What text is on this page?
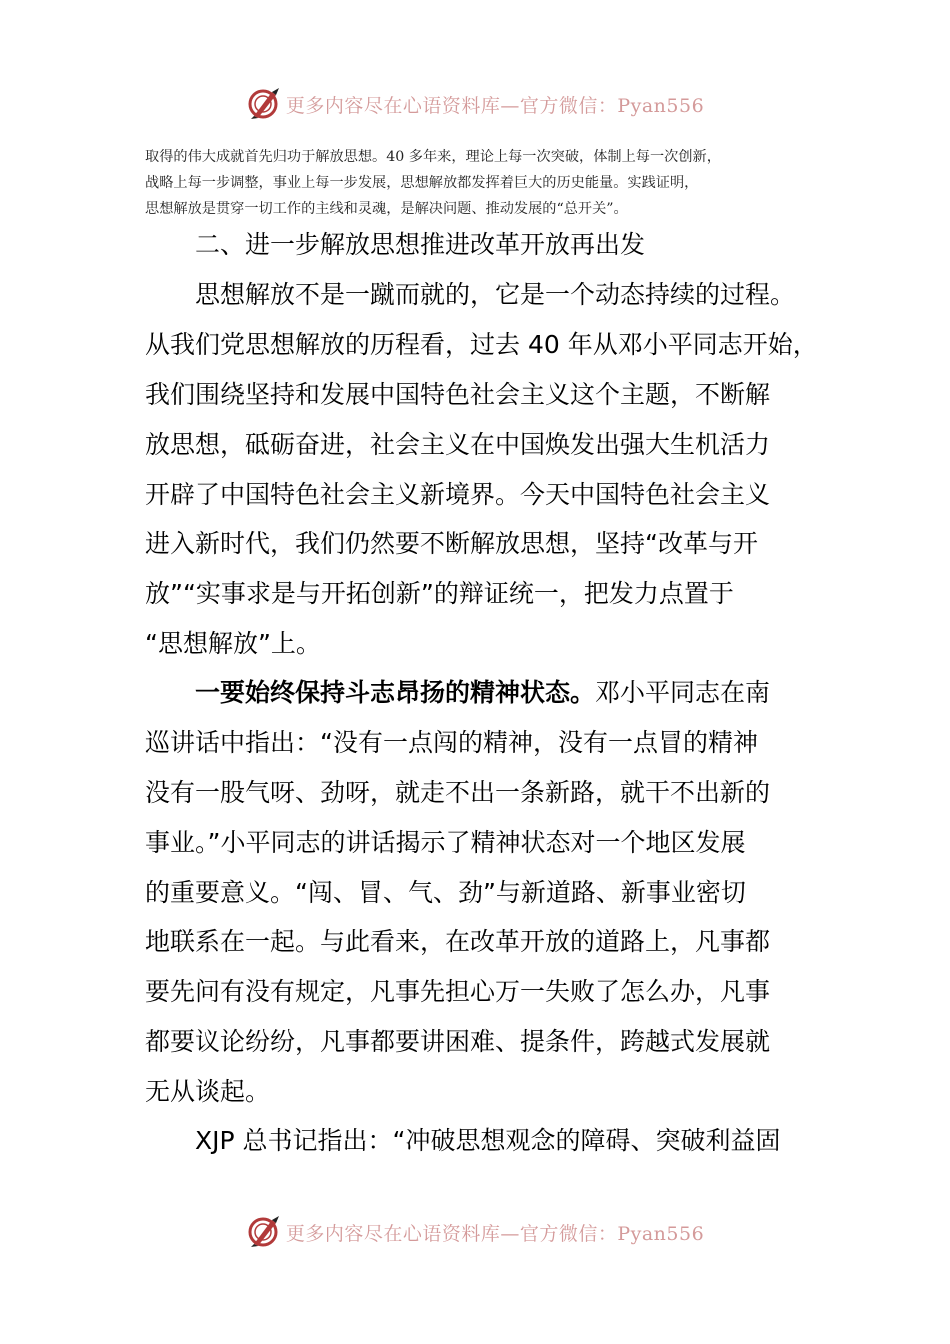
更多内容尽在心语资料库—官方微信：Pyan556

取得的伟大成就首先归功于解放思想。40 多年来，理论上每一次突破，体制上每一次创新，
战略上每一步调整，事业上每一步发展，思想解放都发挥着巨大的历史能量。实践证明，
思想解放是贯穿一切工作的主线和灵魂，是解决问题、推动发展的“总开关”。

二、进一步解放思想推进改革开放再出发

思想解放不是一蹴而就的，它是一个动态持续的过程。
从我们党思想解放的历程看，过去 40 年从邓小平同志开始，
我们围绕坚持和发展中国特色社会主义这个主题，不断解
放思想，砥砺奋进，社会主义在中国焕发出强大生机活力
开辟了中国特色社会主义新境界。今天中国特色社会主义
进入新时代，我们仍然要不断解放思想，坚持“改革与开
放”“实事求是与开拓创新”的辩证统一，把发力点置于
“思想解放”上。

一要始终保持斗志昂扬的精神状态。邓小平同志在南
巡讲话中指出：“没有一点闯的精神，没有一点冒的精神
没有一股气呀、劲呀，就走不出一条新路，就干不出新的
事业。”小平同志的讲话揭示了精神状态对一个地区发展
的重要意义。“闯、冒、气、劲”与新道路、新事业密切
地联系在一起。与此看来，在改革开放的道路上，凡事都
要先问有没有规定，凡事先担心万一失败了怎么办，凡事
都要议论纷纷，凡事都要讲困难、提条件，跨越式发展就
无从谈起。

XJP 总书记指出：“冲破思想观念的障碍、突破利益固

更多内容尽在心语资料库—官方微信：Pyan556
